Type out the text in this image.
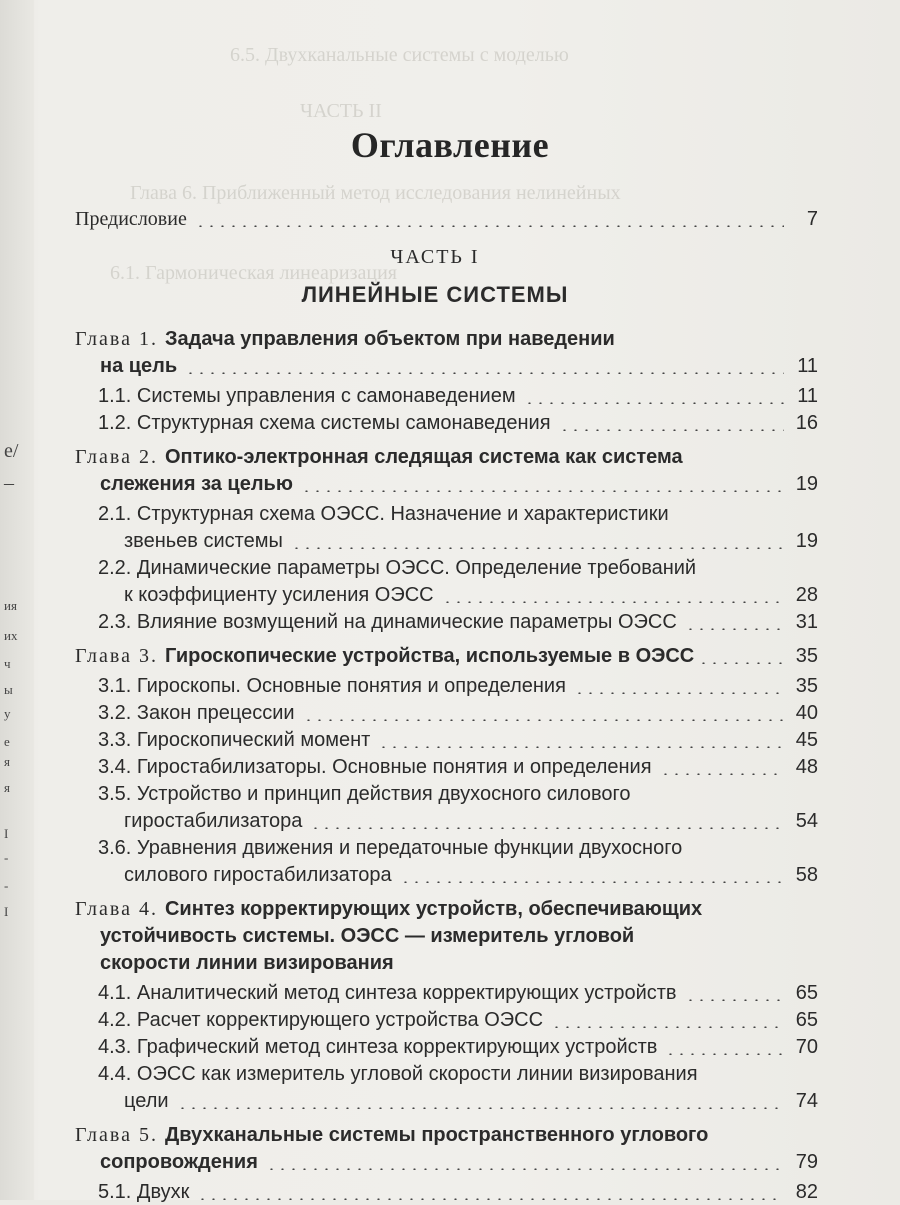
6.5. Двухканальные системы с моделью
ЧАСТЬ II
Глава 6. Приближенный метод исследования нелинейных
6.1. Гармоническая линеаризация
Оглавление
Предисловие	7
Глава 1. Задача управления объектом при наведении
на цель	11
1.1. Системы управления с самонаведением	11
1.2. Структурная схема системы самонаведения	16
Глава 2. Оптико-электронная следящая система как система
слежения за целью	19
2.1. Структурная схема ОЭСС. Назначение и характеристики
звеньев системы	19
2.2. Динамические параметры ОЭСС. Определение требований
к коэффициенту усиления ОЭСС	28
2.3. Влияние возмущений на динамические параметры ОЭСС	31
Глава 3. Гироскопические устройства, используемые в ОЭСС	35
3.1. Гироскопы. Основные понятия и определения	35
3.2. Закон прецессии	40
3.3. Гироскопический момент	45
3.4. Гиростабилизаторы. Основные понятия и определения	48
3.5. Устройство и принцип действия двухосного силового
гиростабилизатора	54
3.6. Уравнения движения и передаточные функции двухосного
силового гиростабилизатора	58
Глава 4. Синтез корректирующих устройств, обеспечивающих
устойчивость системы. ОЭСС — измеритель угловой
скорости линии визирования
4.1. Аналитический метод синтеза корректирующих устройств	65
4.2. Расчет корректирующего устройства ОЭСС	65
4.3. Графический метод синтеза корректирующих устройств	70
4.4. ОЭСС как измеритель угловой скорости линии визирования
цели	74
Глава 5. Двухканальные системы пространственного углового
сопровождения	79
5.1. Двухк	82
ЧАСТЬ I
ЛИНЕЙНЫЕ СИСТЕМЫ
e/
–
ия
их
ч
ы
у
е
я
я
I
-
-
I
